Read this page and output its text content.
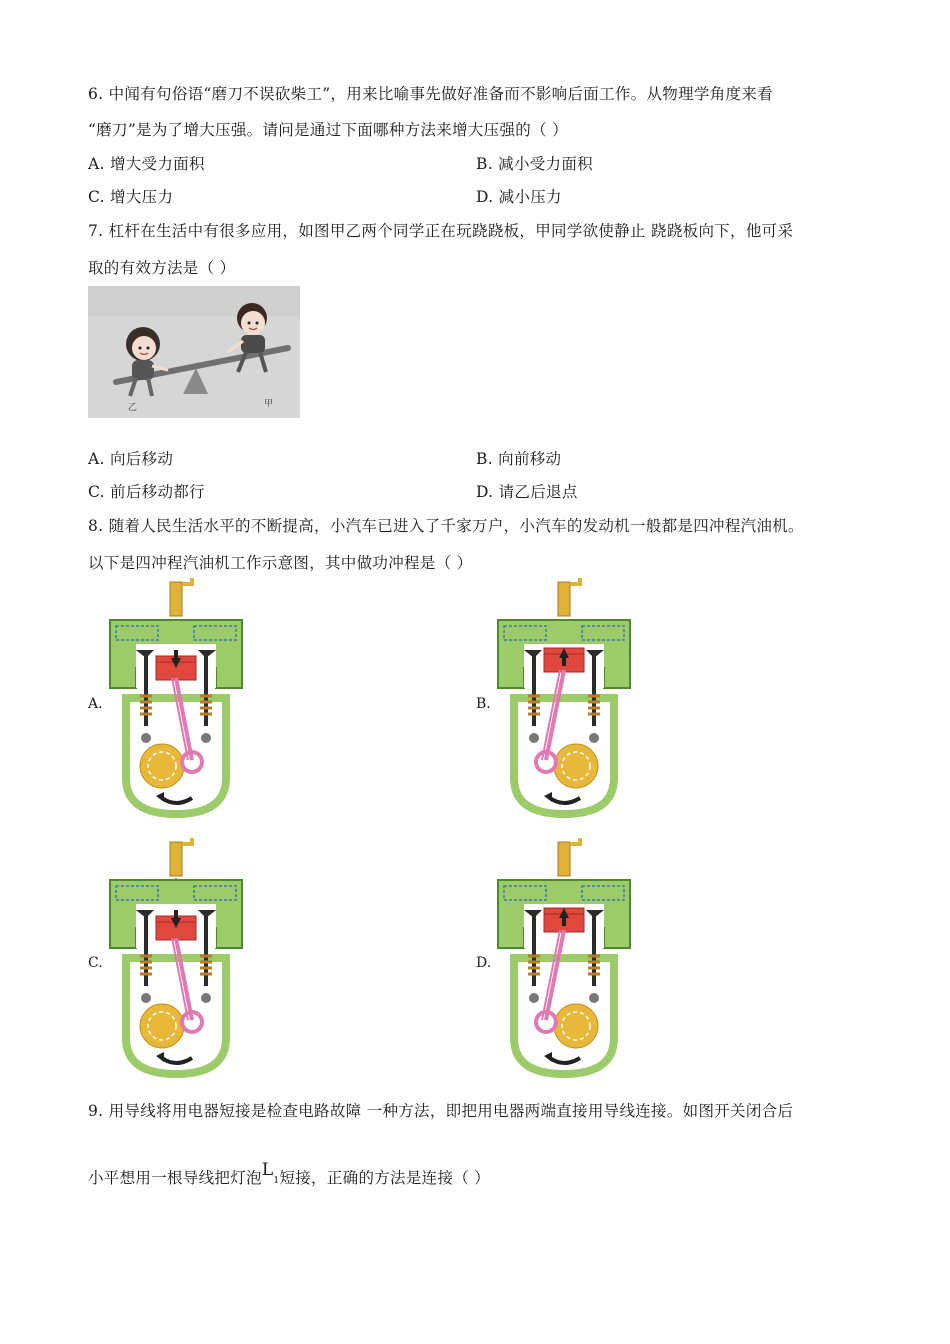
6. 中闻有句俗语“磨刀不误砍柴工”，用来比喻事先做好准备而不影响后面工作。从物理学角度来看
“磨刀”是为了增大压强。请问是通过下面哪种方法来增大压强的（ ）
A. 增大受力面积	B. 减小受力面积
C. 增大压力	D. 减小压力
7. 杠杆在生活中有很多应用，如图甲乙两个同学正在玩跷跷板，甲同学欲使静止 跷跷板向下，他可采
取的有效方法是（ ）
乙	甲
A. 向后移动	B. 向前移动
C. 前后移动都行	D. 请乙后退点
8. 随着人民生活水平的不断提高，小汽车已进入了千家万户，小汽车的发动机一般都是四冲程汽油机。
以下是四冲程汽油机工作示意图，其中做功冲程是（ ）
A.	B.
C.	D.
9. 用导线将用电器短接是检查电路故障 一种方法，即把用电器两端直接用导线连接。如图开关闭合后
小平想用一根导线把灯泡L1短接，正确的方法是连接（ ）
